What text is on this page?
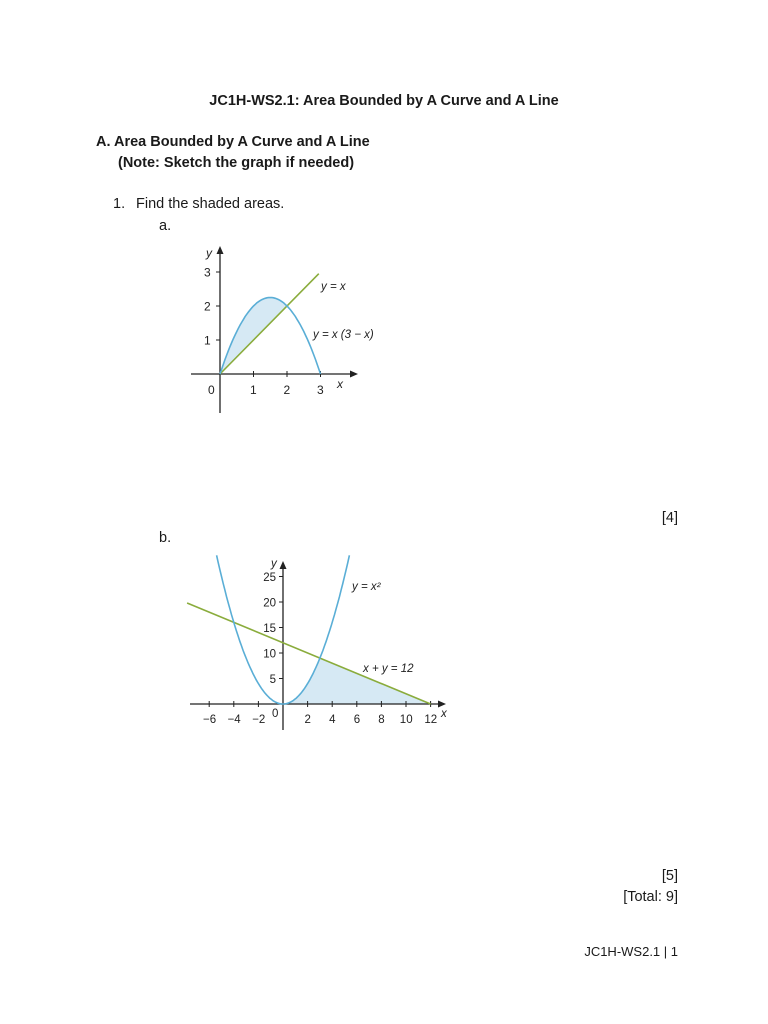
JC1H-WS2.1: Area Bounded by A Curve and A Line
A. Area Bounded by A Curve and A Line
(Note: Sketch the graph if needed)
1. Find the shaded areas.
a.
0	1 2 3
1
2
3
y
x
y = x
y = x (3 − x)
[4]
b.
−6 −4 −2 0 2 4 6 8 10 12
5
10
15
20
25
y
x
y = x²
x + y = 12
[5]
[Total: 9]
JC1H-WS2.1 | 1
